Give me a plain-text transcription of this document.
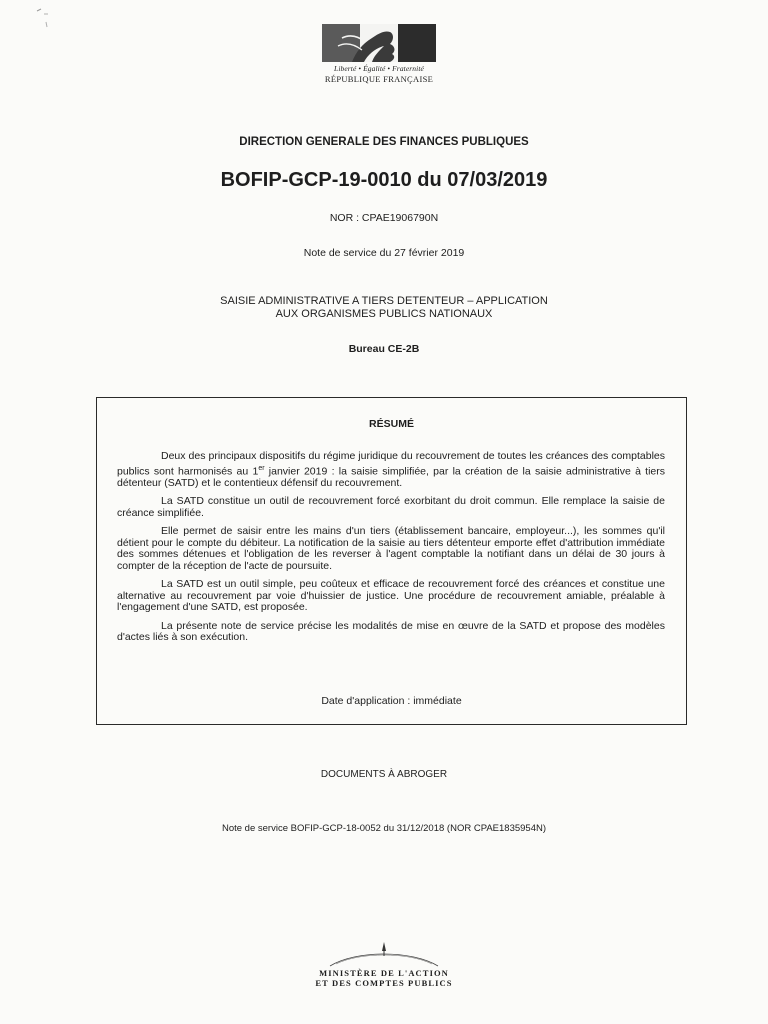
Liberté • Égalité • Fraternité
RÉPUBLIQUE FRANÇAISE
DIRECTION GENERALE DES FINANCES PUBLIQUES
BOFIP-GCP-19-0010 du 07/03/2019
NOR : CPAE1906790N
Note de service du 27 février 2019
SAISIE ADMINISTRATIVE A TIERS DETENTEUR – APPLICATION
AUX ORGANISMES PUBLICS NATIONAUX
Bureau CE-2B
RÉSUMÉ

Deux des principaux dispositifs du régime juridique du recouvrement de toutes les créances des comptables publics sont harmonisés au 1er janvier 2019 : la saisie simplifiée, par la création de la saisie administrative à tiers détenteur (SATD) et le contentieux défensif du recouvrement.

La SATD constitue un outil de recouvrement forcé exorbitant du droit commun. Elle remplace la saisie de créance simplifiée.

Elle permet de saisir entre les mains d'un tiers (établissement bancaire, employeur...), les sommes qu'il détient pour le compte du débiteur. La notification de la saisie au tiers détenteur emporte effet d'attribution immédiate des sommes détenues et l'obligation de les reverser à l'agent comptable la notifiant dans un délai de 30 jours à compter de la réception de l'acte de poursuite.

La SATD est un outil simple, peu coûteux et efficace de recouvrement forcé des créances et constitue une alternative au recouvrement par voie d'huissier de justice. Une procédure de recouvrement amiable, préalable à l'engagement d'une SATD, est proposée.

La présente note de service précise les modalités de mise en œuvre de la SATD et propose des modèles d'actes liés à son exécution.

Date d'application : immédiate
DOCUMENTS À ABROGER
Note de service BOFIP-GCP-18-0052 du 31/12/2018 (NOR CPAE1835954N)
MINISTÈRE DE L'ACTION
ET DES COMPTES PUBLICS
